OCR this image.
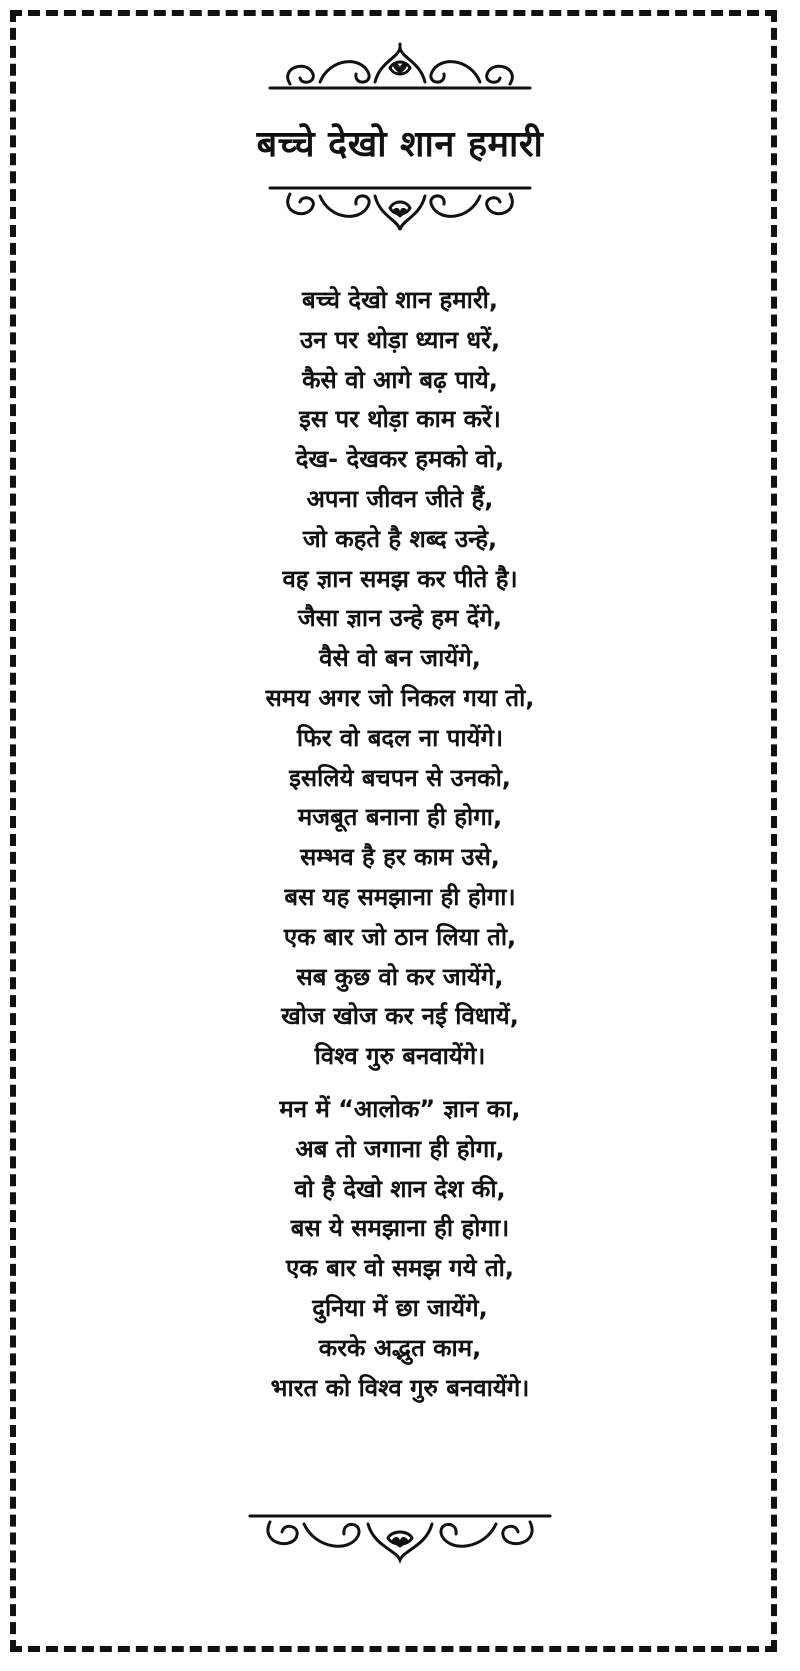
बच्चे देखो शान हमारी
बच्चे देखो शान हमारी,
उन पर थोड़ा ध्यान धरें,
कैसे वो आगे बढ़ पाये,
इस पर थोड़ा काम करें।
देख- देखकर हमको वो,
अपना जीवन जीते हैं,
जो कहते है शब्द उन्हे,
वह ज्ञान समझ कर पीते है।
जैसा ज्ञान उन्हे हम देंगे,
वैसे वो बन जायेंगे,
समय अगर जो निकल गया तो,
फिर वो बदल ना पायेंगे।
इसलिये बचपन से उनको,
मजबूत बनाना ही होगा,
सम्भव है हर काम उसे,
बस यह समझाना ही होगा।
एक बार जो ठान लिया तो,
सब कुछ वो कर जायेंगे,
खोज खोज कर नई विधायें,
विश्व गुरु बनवायेंगे।
मन में “आलोक” ज्ञान का,
अब तो जगाना ही होगा,
वो है देखो शान देश की,
बस ये समझाना ही होगा।
एक बार वो समझ गये तो,
दुनिया में छा जायेंगे,
करके अद्भुत काम,
भारत को विश्व गुरु बनवायेंगे।
